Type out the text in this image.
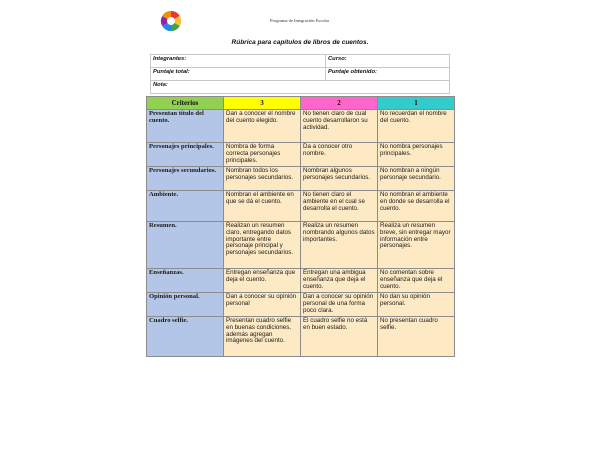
Programa de Integración Escolar
Rúbrica para capítulos de libros de cuentos.
Integrantes:	Curso:
Puntaje total:	Puntaje obtenido:
Nota:	
Criterios	3	2	1
Presentan título del cuento.	Dan a conocer el nombre del cuento elegido.	No tienen claro de cual cuento desarrollaron su actividad.	No recuerdan el nombre del cuento.
Personajes principales.	Nombra de forma correcta personajes principales.	Da a conocer otro nombre.	No nombra personajes principales.
Personajes secundarios.	Nombran todos los personajes secundarios.	Nombran algunos personajes secundarios.	No nombran a ningún personaje secundario.
Ambiente.	Nombran el ambiente en que se dá el cuento.	No tienen claro el ambiente en el cual se desarrolla el cuento.	No nombran el ambiente en donde se desarrolla el cuento.
Resumen.	Realizan un resumen claro, entregando datos importante entre personaje principal y personajes secundarios.	Realiza un resumen nombrando algunos datos importantes.	Realiza un resumen breve, sin entregar mayor información entre personajes.
Enseñanzas.	Entregan enseñanza que deja el cuento.	Entregan una ambigua enseñanza que deja el cuento.	No comentan sobre enseñanza que deja el cuento.
Opinión personal.	Dan a conocer su opinión personal	Dan a conocer su opinión personal de una forma poco clara.	No dan su opinión personal.
Cuadro selfie.	Presentan cuadro selfie en buenas condiciones, además agregan imágenes del cuento.	El cuadro selfie no está en buen estado.	No presentan cuadro selfie.
